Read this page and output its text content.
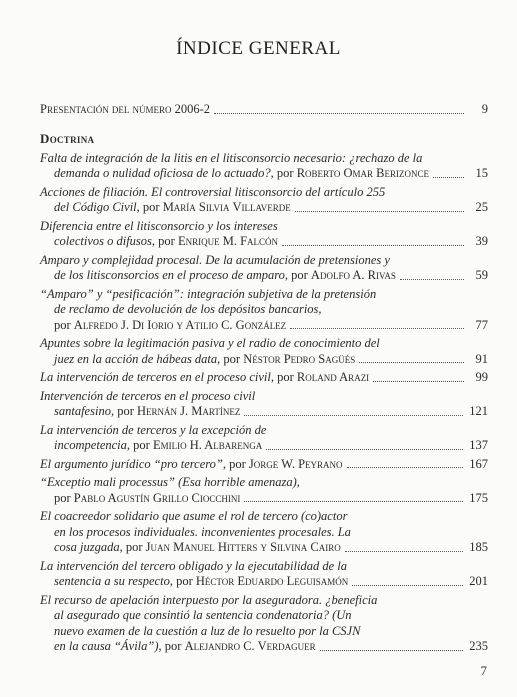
ÍNDICE GENERAL
Presentación del número 2006-2	9
Doctrina
Falta de integración de la litis en el litisconsorcio necesario: ¿rechazo de la
demanda o nulidad oficiosa de lo actuado?, por Roberto Omar Berizonce	15
Acciones de filiación. El controversial litisconsorcio del artículo 255
del Código Civil, por María Silvia Villaverde	25
Diferencia entre el litisconsorcio y los intereses
colectivos o difusos, por Enrique M. Falcón	39
Amparo y complejidad procesal. De la acumulación de pretensiones y
de los litisconsorcios en el proceso de amparo, por Adolfo A. Rivas	59
“Amparo” y “pesificación”: integración subjetiva de la pretensión
de reclamo de devolución de los depósitos bancarios,
por Alfredo J. Di Iorio y Atilio C. González	77
Apuntes sobre la legitimación pasiva y el radio de conocimiento del
juez en la acción de hábeas data, por Néstor Pedro Sagüés	91
La intervención de terceros en el proceso civil, por Roland Arazi	99
Intervención de terceros en el proceso civil
santafesino, por Hernán J. Martínez	121
La intervención de terceros y la excepción de
incompetencia, por Emilio H. Albarenga	137
El argumento jurídico “pro tercero”, por Jorge W. Peyrano	167
“Exceptio mali processus” (Esa horrible amenaza),
por Pablo Agustín Grillo Ciocchini	175
El coacreedor solidario que asume el rol de tercero (co)actor
en los procesos individuales. inconvenientes procesales. La
cosa juzgada, por Juan Manuel Hitters y Silvina Cairo	185
La intervención del tercero obligado y la ejecutabilidad de la
sentencia a su respecto, por Héctor Eduardo Leguisamón	201
El recurso de apelación interpuesto por la aseguradora. ¿beneficia
al asegurado que consintió la sentencia condenatoria? (Un
nuevo examen de la cuestión a luz de lo resuelto por la CSJN
en la causa “Ávila”), por Alejandro C. Verdaguer	235
7
